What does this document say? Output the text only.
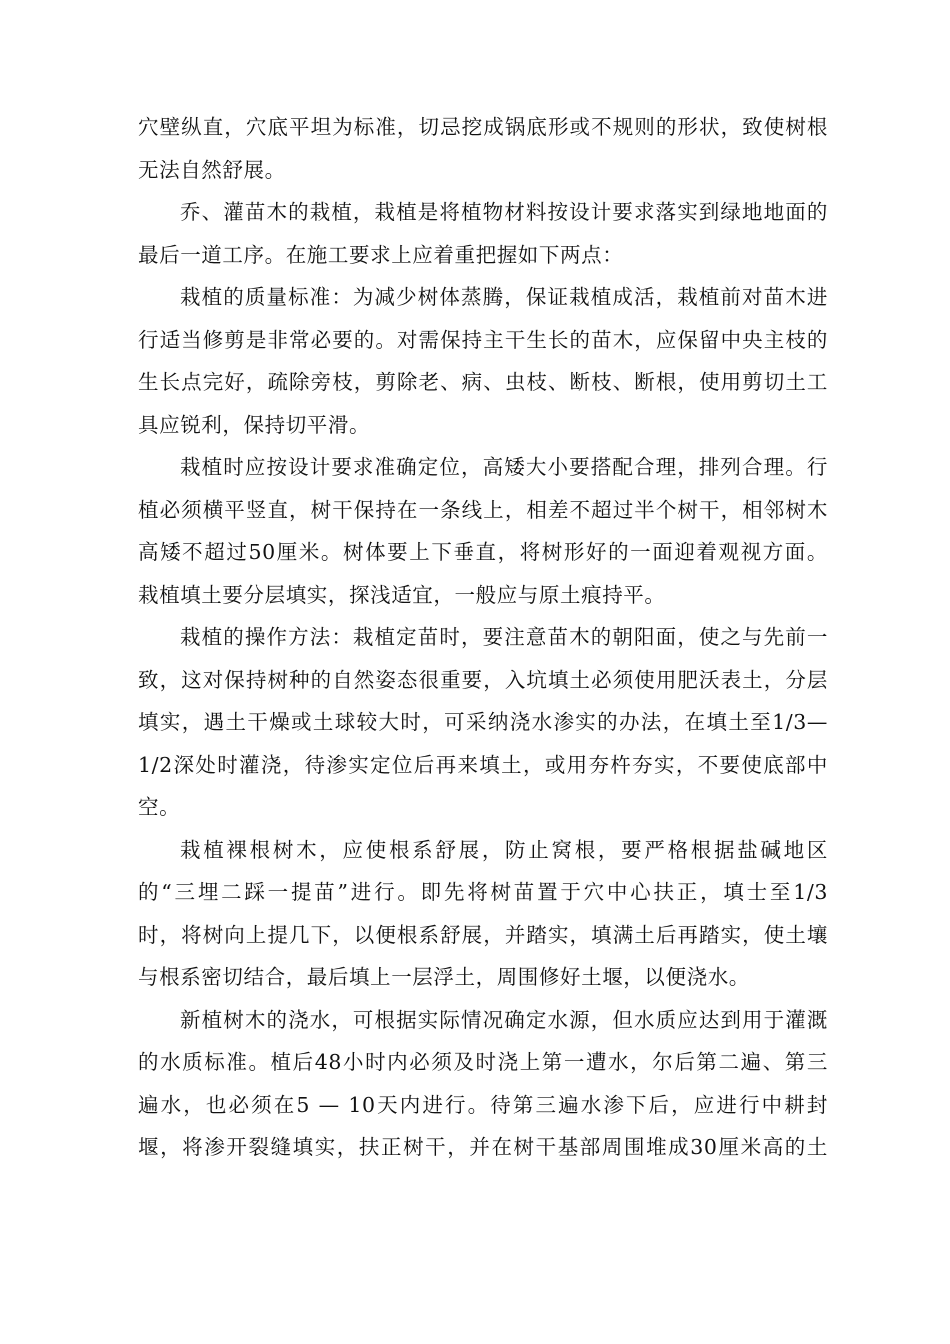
穴壁纵直，穴底平坦为标准，切忌挖成锅底形或不规则的形状，致使树根
无法自然舒展。
乔、灌苗木的栽植，栽植是将植物材料按设计要求落实到绿地地面的
最后一道工序。在施工要求上应着重把握如下两点：
栽植的质量标准：为减少树体蒸腾，保证栽植成活，栽植前对苗木进
行适当修剪是非常必要的。对需保持主干生长的苗木，应保留中央主枝的
生长点完好，疏除旁枝，剪除老、病、虫枝、断枝、断根，使用剪切土工
具应锐利，保持切平滑。
栽植时应按设计要求准确定位，高矮大小要搭配合理，排列合理。行
植必须横平竖直，树干保持在一条线上，相差不超过半个树干，相邻树木
高矮不超过50厘米。树体要上下垂直，将树形好的一面迎着观视方面。
栽植填土要分层填实，探浅适宜，一般应与原土痕持平。
栽植的操作方法：栽植定苗时，要注意苗木的朝阳面，使之与先前一
致，这对保持树种的自然姿态很重要，入坑填土必须使用肥沃表土，分层
填实，遇土干燥或土球较大时，可采纳浇水渗实的办法，在填土至1/3—
1/2深处时灌浇，待渗实定位后再来填土，或用夯杵夯实，不要使底部中
空。
栽植裸根树木，应使根系舒展，防止窝根，要严格根据盐碱地区
的“三埋二踩一提苗”进行。即先将树苗置于穴中心扶正，填士至1/3
时，将树向上提几下，以便根系舒展，并踏实，填满土后再踏实，使土壤
与根系密切结合，最后填上一层浮土，周围修好土堰，以便浇水。
新植树木的浇水，可根据实际情况确定水源，但水质应达到用于灌溉
的水质标准。植后48小时内必须及时浇上第一遭水，尔后第二遍、第三
遍水，也必须在5 — 10天内进行。待第三遍水渗下后，应进行中耕封
堰，将渗开裂缝填实，扶正树干，并在树干基部周围堆成30厘米高的土
